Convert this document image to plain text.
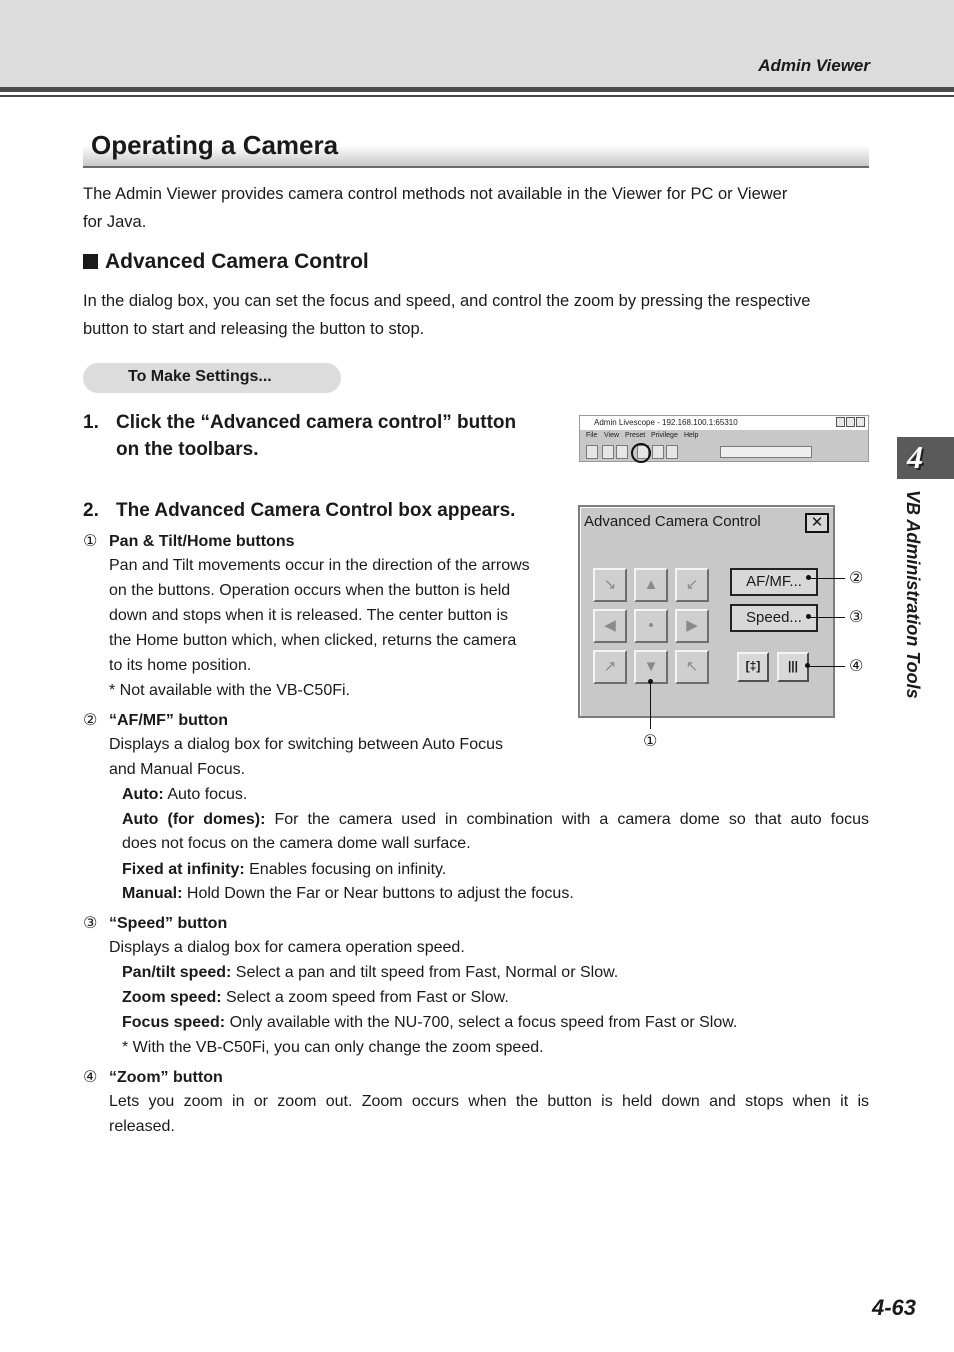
Admin Viewer
Operating a Camera

The Admin Viewer provides camera control methods not available in the Viewer for PC or Viewer

for Java.

Advanced Camera Control

In the dialog box, you can set the focus and speed, and control the zoom by pressing the respective

button to start and releasing the button to stop.

To Make Settings...
1. Click the “Advanced camera control” button
on the toolbars.
Admin Livescope - 192.168.100.1:65310
File View Preset Privilege Help
2. The Advanced Camera Control box appears.
① Pan & Tilt/Home buttons
Pan and Tilt movements occur in the direction of the arrows
on the buttons. Operation occurs when the button is held
down and stops when it is released. The center button is
the Home button which, when clicked, returns the camera
to its home position.
* Not available with the VB-C50Fi.
② “AF/MF” button
Displays a dialog box for switching between Auto Focus
and Manual Focus.
Auto: Auto focus.
Auto (for domes): For the camera used in combination with a camera dome so that auto focus
does not focus on the camera dome wall surface.
Fixed at infinity: Enables focusing on infinity.
Manual: Hold Down the Far or Near buttons to adjust the focus.
③ “Speed” button
Displays a dialog box for camera operation speed.
Pan/tilt speed: Select a pan and tilt speed from Fast, Normal or Slow.
Zoom speed: Select a zoom speed from Fast or Slow.
Focus speed: Only available with the NU-700, select a focus speed from Fast or Slow.
* With the VB-C50Fi, you can only change the zoom speed.
④ “Zoom” button
Lets you zoom in or zoom out. Zoom occurs when the button is held down and stops when it is
released.
Advanced Camera Control	✕
↘	▲	↙
◀	•	▶
↗	▼	↖
AF/MF...
Speed...
[‡]	|||
②
③
④
①
4
VB Administration Tools
4-63
